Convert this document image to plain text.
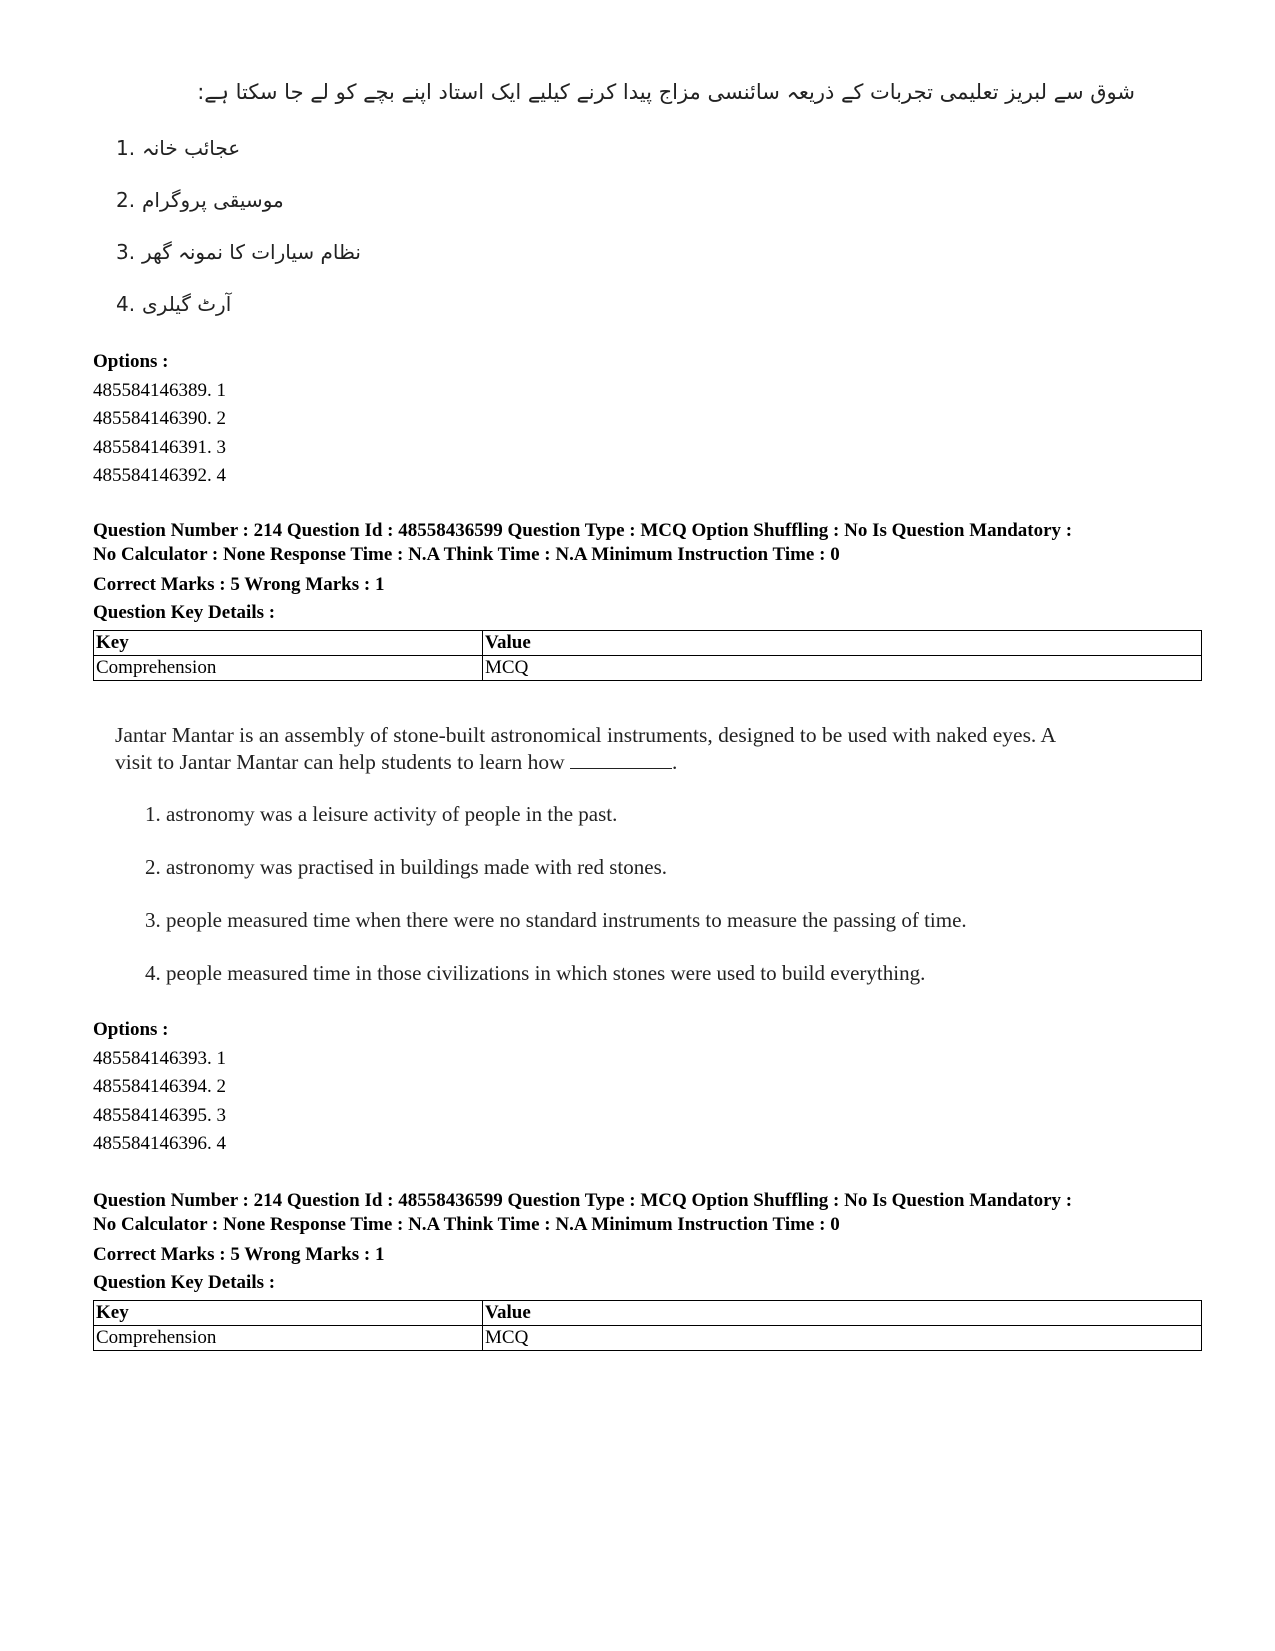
شوق سے لبریز تعلیمی تجربات کے ذریعہ سائنسی مزاج پیدا کرنے کیلیے ایک استاد اپنے بچے کو لے جا سکتا ہے:
1. عجائب خانہ
2. موسیقی پروگرام
3. نظام سیارات کا نمونہ گھر
4. آرٹ گیلری
Options :
485584146389. 1
485584146390. 2
485584146391. 3
485584146392. 4
Question Number : 214 Question Id : 48558436599 Question Type : MCQ Option Shuffling : No Is Question Mandatory :
No Calculator : None Response Time : N.A Think Time : N.A Minimum Instruction Time : 0
Correct Marks : 5 Wrong Marks : 1
Question Key Details :
Key	Value
Comprehension	MCQ

Jantar Mantar is an assembly of stone-built astronomical instruments, designed to be used with naked eyes. A
visit to Jantar Mantar can help students to learn how	.

1. astronomy was a leisure activity of people in the past.
2. astronomy was practised in buildings made with red stones.
3. people measured time when there were no standard instruments to measure the passing of time.
4. people measured time in those civilizations in which stones were used to build everything.
Options :
485584146393. 1
485584146394. 2
485584146395. 3
485584146396. 4
Question Number : 214 Question Id : 48558436599 Question Type : MCQ Option Shuffling : No Is Question Mandatory :
No Calculator : None Response Time : N.A Think Time : N.A Minimum Instruction Time : 0
Correct Marks : 5 Wrong Marks : 1
Question Key Details :
Key	Value
Comprehension	MCQ
